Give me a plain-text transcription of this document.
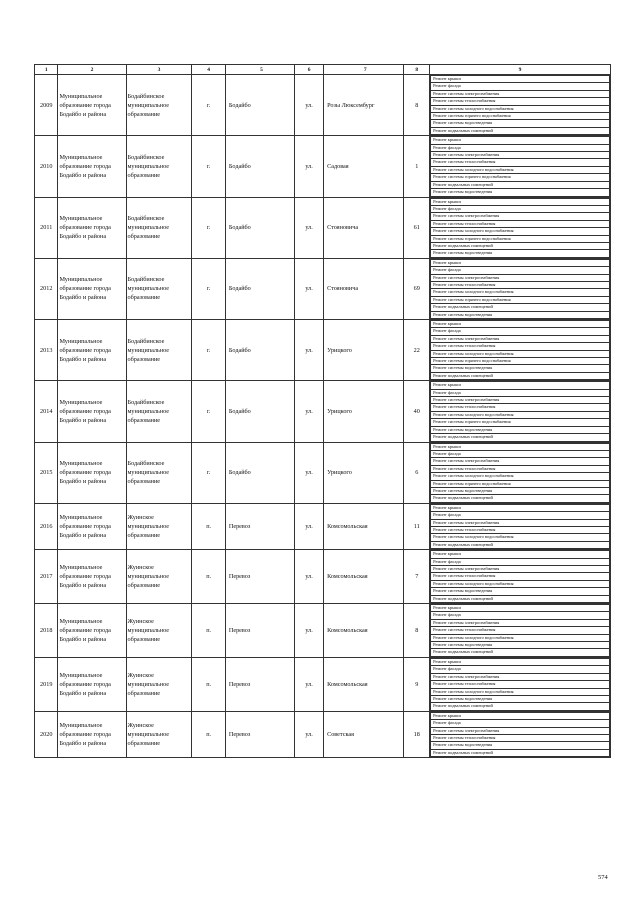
1	2	3	4	5	6	7	8	9
2009	Муниципальное образование города Бодайбо и района	Бодайбинское муниципальное образование	г.	Бодайбо	ул.	Розы Люксембург	8	
Ремонт крыши
Ремонт фасада
Ремонт системы электроснабжения
Ремонт системы теплоснабжения
Ремонт системы холодного водоснабжения
Ремонт системы горячего водоснабжения
Ремонт системы водоотведения
Ремонт подвальных помещений

2010	Муниципальное образование города Бодайбо и района	Бодайбинское муниципальное образование	г.	Бодайбо	ул.	Садовая	1	
Ремонт крыши
Ремонт фасада
Ремонт системы электроснабжения
Ремонт системы теплоснабжения
Ремонт системы холодного водоснабжения
Ремонт системы горячего водоснабжения
Ремонт подвальных помещений
Ремонт системы водоотведения

2011	Муниципальное образование города Бодайбо и района	Бодайбинское муниципальное образование	г.	Бодайбо	ул.	Стояновича	61	
Ремонт крыши
Ремонт фасада
Ремонт системы электроснабжения
Ремонт системы теплоснабжения
Ремонт системы холодного водоснабжения
Ремонт системы горячего водоснабжения
Ремонт подвальных помещений
Ремонт системы водоотведения

2012	Муниципальное образование города Бодайбо и района	Бодайбинское муниципальное образование	г.	Бодайбо	ул.	Стояновича	69	
Ремонт крыши
Ремонт фасада
Ремонт системы электроснабжения
Ремонт системы теплоснабжения
Ремонт системы холодного водоснабжения
Ремонт системы горячего водоснабжения
Ремонт подвальных помещений
Ремонт системы водоотведения

2013	Муниципальное образование города Бодайбо и района	Бодайбинское муниципальное образование	г.	Бодайбо	ул.	Урицкого	22	
Ремонт крыши
Ремонт фасада
Ремонт системы электроснабжения
Ремонт системы теплоснабжения
Ремонт системы холодного водоснабжения
Ремонт системы горячего водоснабжения
Ремонт системы водоотведения
Ремонт подвальных помещений

2014	Муниципальное образование города Бодайбо и района	Бодайбинское муниципальное образование	г.	Бодайбо	ул.	Урицкого	40	
Ремонт крыши
Ремонт фасада
Ремонт системы электроснабжения
Ремонт системы теплоснабжения
Ремонт системы холодного водоснабжения
Ремонт системы горячего водоснабжения
Ремонт системы водоотведения
Ремонт подвальных помещений

2015	Муниципальное образование города Бодайбо и района	Бодайбинское муниципальное образование	г.	Бодайбо	ул.	Урицкого	6	
Ремонт крыши
Ремонт фасада
Ремонт системы электроснабжения
Ремонт системы теплоснабжения
Ремонт системы холодного водоснабжения
Ремонт системы горячего водоснабжения
Ремонт системы водоотведения
Ремонт подвальных помещений

2016	Муниципальное образование города Бодайбо и района	Жуинское муниципальное образование	п.	Перевоз	ул.	Комсомольская	11	
Ремонт крыши
Ремонт фасада
Ремонт системы электроснабжения
Ремонт системы теплоснабжения
Ремонт системы холодного водоснабжения
Ремонт подвальных помещений

2017	Муниципальное образование города Бодайбо и района	Жуинское муниципальное образование	п.	Перевоз	ул.	Комсомольская	7	
Ремонт крыши
Ремонт фасада
Ремонт системы электроснабжения
Ремонт системы теплоснабжения
Ремонт системы холодного водоснабжения
Ремонт системы водоотведения
Ремонт подвальных помещений

2018	Муниципальное образование города Бодайбо и района	Жуинское муниципальное образование	п.	Перевоз	ул.	Комсомольская	8	
Ремонт крыши
Ремонт фасада
Ремонт системы электроснабжения
Ремонт системы теплоснабжения
Ремонт системы холодного водоснабжения
Ремонт системы водоотведения
Ремонт подвальных помещений

2019	Муниципальное образование города Бодайбо и района	Жуинское муниципальное образование	п.	Перевоз	ул.	Комсомольская	9	
Ремонт крыши
Ремонт фасада
Ремонт системы электроснабжения
Ремонт системы теплоснабжения
Ремонт системы холодного водоснабжения
Ремонт системы водоотведения
Ремонт подвальных помещений

2020	Муниципальное образование города Бодайбо и района	Жуинское муниципальное образование	п.	Перевоз	ул.	Советская	18	
Ремонт крыши
Ремонт фасада
Ремонт системы электроснабжения
Ремонт системы теплоснабжения
Ремонт системы водоотведения
Ремонт подвальных помещений
574
